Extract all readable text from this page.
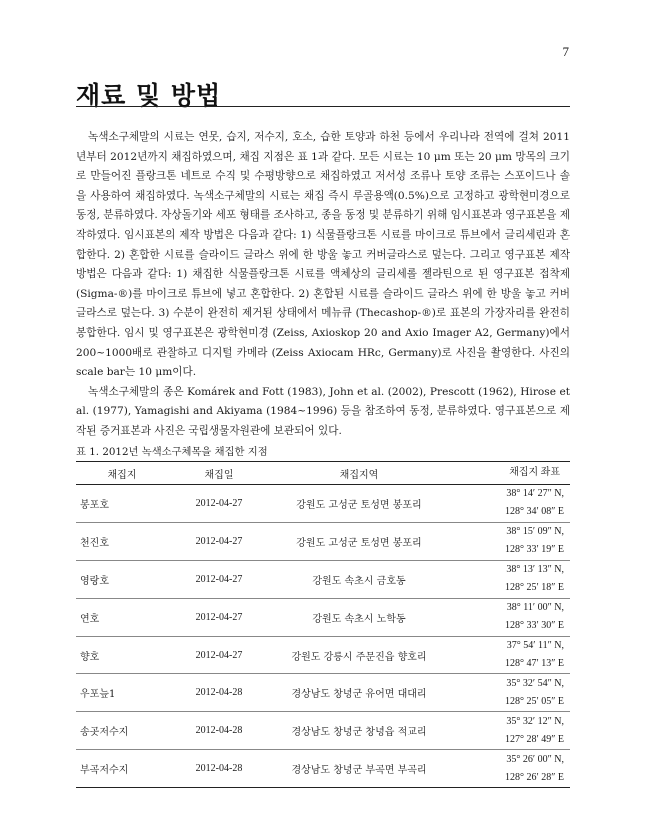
7
재료 및 방법

녹색소구체말의 시료는 연못, 습지, 저수지, 호소, 습한 토양과 하천 등에서 우리나라 전역에 걸쳐 2011년부터 2012년까지 채집하였으며, 채집 지점은 표 1과 같다. 모든 시료는 10 μm 또는 20 μm 망목의 크기로 만들어진 플랑크톤 네트로 수직 및 수평방향으로 채집하였고 저서성 조류나 토양 조류는 스포이드나 솔을 사용하여 채집하였다. 녹색소구체말의 시료는 채집 즉시 루골용액(0.5%)으로 고정하고 광학현미경으로 동정, 분류하였다. 자상돌기와 세포 형태를 조사하고, 종을 동정 및 분류하기 위해 임시표본과 영구표본을 제작하였다. 임시표본의 제작 방법은 다음과 같다: 1) 식물플랑크톤 시료를 마이크로 튜브에서 글리세린과 혼합한다. 2) 혼합한 시료를 슬라이드 글라스 위에 한 방울 놓고 커버글라스로 덮는다. 그리고 영구표본 제작 방법은 다음과 같다: 1) 채집한 식물플랑크톤 시료를 액체상의 글리세롤 젤라틴으로 된 영구표본 접착제 (Sigma-®)를 마이크로 튜브에 넣고 혼합한다. 2) 혼합된 시료를 슬라이드 글라스 위에 한 방울 놓고 커버글라스로 덮는다. 3) 수분이 완전히 제거된 상태에서 메뉴큐 (Thecashop-®)로 표본의 가장자리를 완전히 봉합한다. 임시 및 영구표본은 광학현미경 (Zeiss, Axioskop 20 and Axio Imager A2, Germany)에서 200~1000배로 관찰하고 디지털 카메라 (Zeiss Axiocam HRc, Germany)로 사진을 촬영한다. 사진의 scale bar는 10 μm이다.

녹색소구체말의 종은 Komárek and Fott (1983), John et al. (2002), Prescott (1962), Hirose et al. (1977), Yamagishi and Akiyama (1984~1996) 등을 참조하여 동정, 분류하였다. 영구표본으로 제작된 증거표본과 사진은 국립생물자원관에 보관되어 있다.

표 1. 2012년 녹색소구체목을 채집한 지점
채집지	채집일	채집지역	채집지 좌표
봉포호	2012-04-27	강원도 고성군 토성면 봉포리	38° 14′ 27″ N,
128° 34′ 08″ E

천진호	2012-04-27	강원도 고성군 토성면 봉포리	38° 15′ 09″ N,
128° 33′ 19″ E

영랑호	2012-04-27	강원도 속초시 금호동	38° 13′ 13″ N,
128° 25′ 18″ E

연호	2012-04-27	강원도 속초시 노학동	38° 11′ 00″ N,
128° 33′ 30″ E

향호	2012-04-27	강원도 강릉시 주문진읍 향호리	37° 54′ 11″ N,
128° 47′ 13″ E

우포늪1	2012-04-28	경상남도 창녕군 유어면 대대리	35° 32′ 54″ N,
128° 25′ 05″ E

송곳저수지	2012-04-28	경상남도 창녕군 창녕읍 적교리	35° 32′ 12″ N,
127° 28′ 49″ E

부곡저수지	2012-04-28	경상남도 창녕군 부곡면 부곡리	35° 26′ 00″ N,
128° 26′ 28″ E
